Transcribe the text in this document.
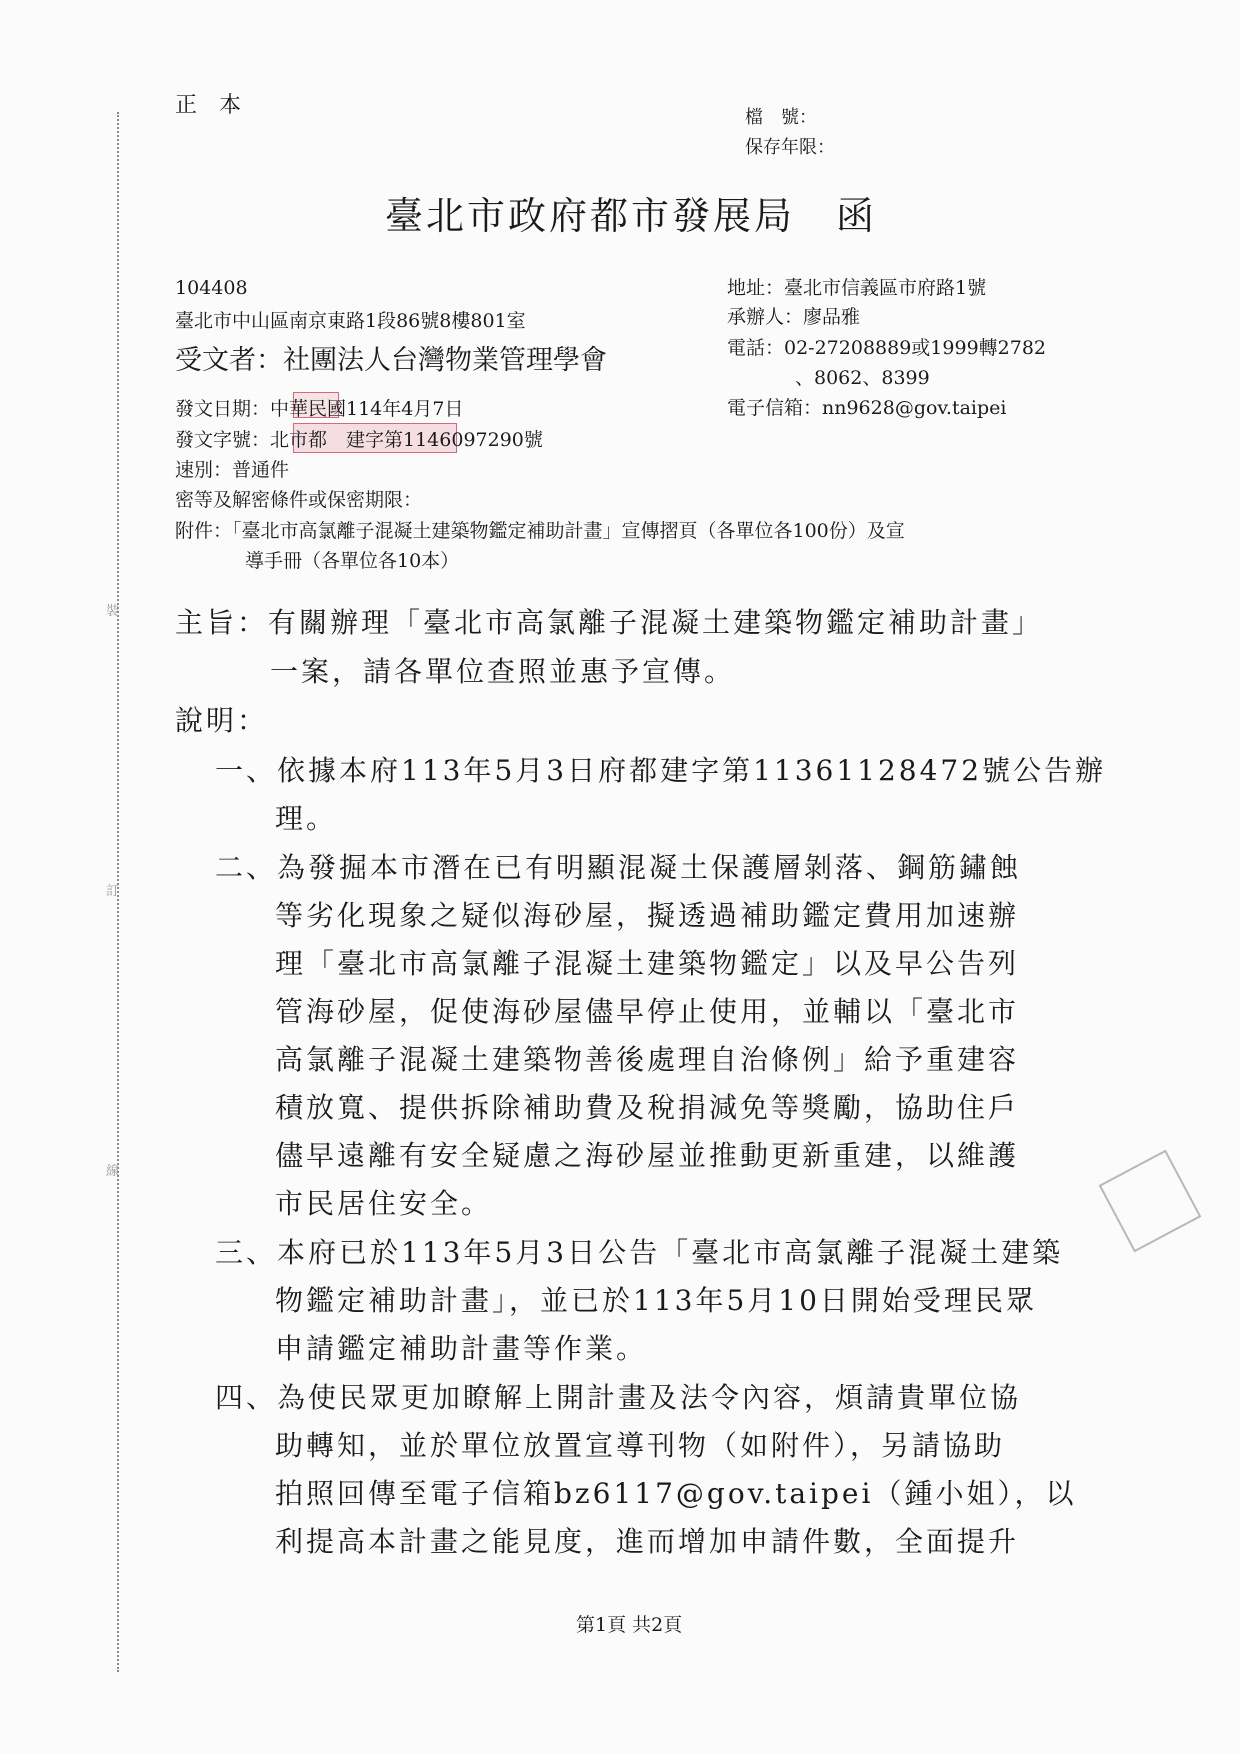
裝
訂
線
正本	檔　號：
保存年限：
臺北市政府都市發展局　函
104408
臺北市中山區南京東路1段86號8樓801室
受文者：社團法人台灣物業管理學會
地址：臺北市信義區市府路1號
承辦人：廖品雅
電話：02-27208889或1999轉2782
、8062、8399
電子信箱：nn9628@gov.taipei
發文日期：中華民國114年4月7日
發文字號：北市都　建字第1146097290號
速別：普通件
密等及解密條件或保密期限：
附件：「臺北市高氯離子混凝土建築物鑑定補助計畫」宣傳摺頁（各單位各100份）及宣
導手冊（各單位各10本）
主旨：有關辦理「臺北市高氯離子混凝土建築物鑑定補助計畫」
一案，請各單位查照並惠予宣傳。
說明：
一、依據本府113年5月3日府都建字第11361128472號公告辦
理。
二、為發掘本市潛在已有明顯混凝土保護層剝落、鋼筋鏽蝕
等劣化現象之疑似海砂屋，擬透過補助鑑定費用加速辦
理「臺北市高氯離子混凝土建築物鑑定」以及早公告列
管海砂屋，促使海砂屋儘早停止使用，並輔以「臺北市
高氯離子混凝土建築物善後處理自治條例」給予重建容
積放寬、提供拆除補助費及稅捐減免等獎勵，協助住戶
儘早遠離有安全疑慮之海砂屋並推動更新重建，以維護
市民居住安全。
三、本府已於113年5月3日公告「臺北市高氯離子混凝土建築
物鑑定補助計畫」，並已於113年5月10日開始受理民眾
申請鑑定補助計畫等作業。
四、為使民眾更加瞭解上開計畫及法令內容，煩請貴單位協
助轉知，並於單位放置宣導刊物（如附件），另請協助
拍照回傳至電子信箱bz6117@gov.taipei（鍾小姐），以
利提高本計畫之能見度，進而增加申請件數，全面提升
第1頁 共2頁
